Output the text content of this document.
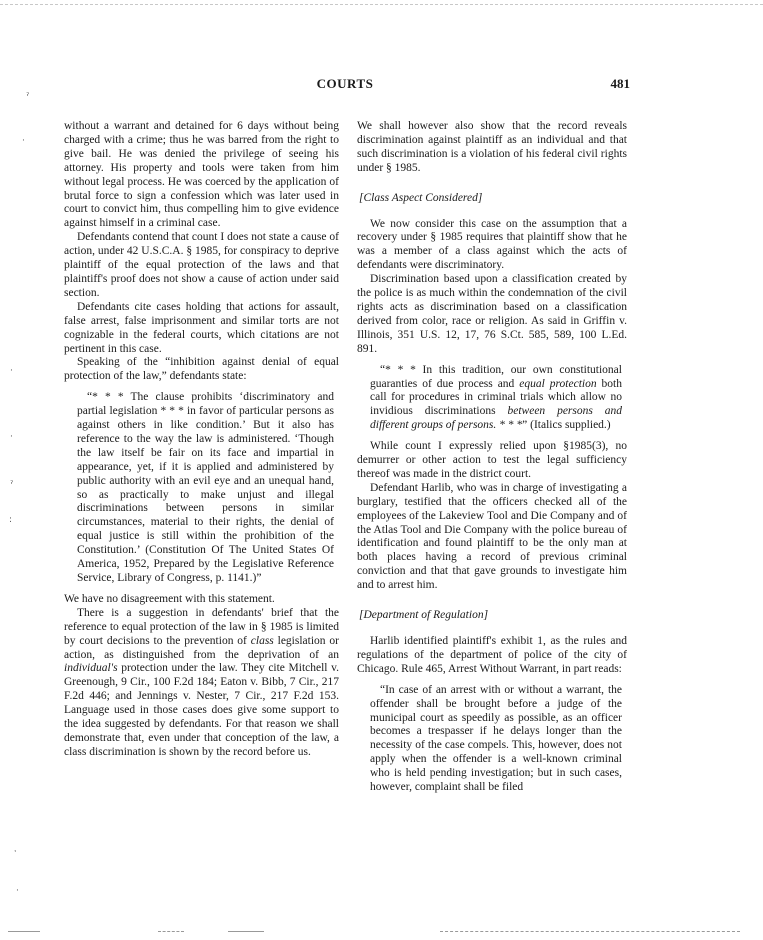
ˀ
·
·
·
ˀ
:
ˑ
·
COURTS	481

without a warrant and detained for 6 days without being charged with a crime; thus he was barred from the right to give bail. He was denied the privilege of seeing his attorney. His property and tools were taken from him without legal process. He was coerced by the application of brutal force to sign a confession which was later used in court to convict him, thus compelling him to give evidence against himself in a criminal case.

Defendants contend that count I does not state a cause of action, under 42 U.S.C.A. § 1985, for conspiracy to deprive plaintiff of the equal protection of the laws and that plaintiff's proof does not show a cause of action under said section.

Defendants cite cases holding that actions for assault, false arrest, false imprisonment and similar torts are not cognizable in the federal courts, which citations are not pertinent in this case.

Speaking of the “inhibition against denial of equal protection of the law,” defendants state:

“* * * The clause prohibits ‘discriminatory and partial legislation * * * in favor of particular persons as against others in like condition.’ But it also has reference to the way the law is administered. ‘Though the law itself be fair on its face and impartial in appearance, yet, if it is applied and administered by public authority with an evil eye and an unequal hand, so as practically to make unjust and illegal discriminations between persons in similar circumstances, material to their rights, the denial of equal justice is still within the prohibition of the Constitution.’ (Constitution Of The United States Of America, 1952, Prepared by the Legislative Reference Service, Library of Congress, p. 1141.)”

We have no disagreement with this statement.

There is a suggestion in defendants' brief that the reference to equal protection of the law in § 1985 is limited by court decisions to the prevention of class legislation or action, as distinguished from the deprivation of an individual's protection under the law. They cite Mitchell v. Greenough, 9 Cir., 100 F.2d 184; Eaton v. Bibb, 7 Cir., 217 F.2d 446; and Jennings v. Nester, 7 Cir., 217 F.2d 153. Language used in those cases does give some support to the idea suggested by defendants. For that reason we shall demonstrate that, even under that conception of the law, a class discrimination is shown by the record before us.

We shall however also show that the record reveals discrimination against plaintiff as an individual and that such discrimination is a violation of his federal civil rights under § 1985.

[Class Aspect Considered]

We now consider this case on the assumption that a recovery under § 1985 requires that plaintiff show that he was a member of a class against which the acts of defendants were discriminatory.

Discrimination based upon a classification created by the police is as much within the condemnation of the civil rights acts as discrimination based on a classification derived from color, race or religion. As said in Griffin v. Illinois, 351 U.S. 12, 17, 76 S.Ct. 585, 589, 100 L.Ed. 891.

“* * * In this tradition, our own constitutional guaranties of due process and equal protection both call for procedures in criminal trials which allow no invidious discriminations between persons and different groups of persons. * * *” (Italics supplied.)

While count I expressly relied upon §1985(3), no demurrer or other action to test the legal sufficiency thereof was made in the district court.

Defendant Harlib, who was in charge of investigating a burglary, testified that the officers checked all of the employees of the Lakeview Tool and Die Company and of the Atlas Tool and Die Company with the police bureau of identification and found plaintiff to be the only man at both places having a record of previous criminal conviction and that that gave grounds to investigate him and to arrest him.

[Department of Regulation]

Harlib identified plaintiff's exhibit 1, as the rules and regulations of the department of police of the city of Chicago. Rule 465, Arrest Without Warrant, in part reads:

“In case of an arrest with or without a warrant, the offender shall be brought before a judge of the municipal court as speedily as possible, as an officer becomes a trespasser if he delays longer than the necessity of the case compels. This, however, does not apply when the offender is a well-known criminal who is held pending investigation; but in such cases, however, complaint shall be filed
